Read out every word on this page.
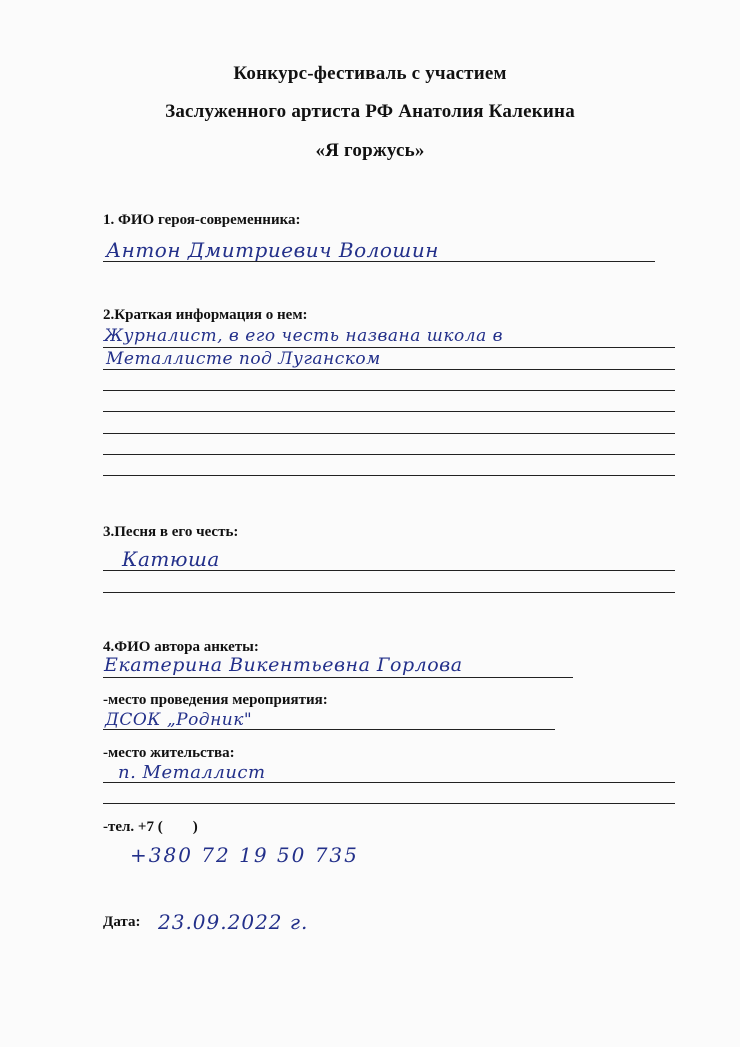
Конкурс-фестиваль с участием
Заслуженного артиста РФ Анатолия Калекина
«Я горжусь»
1. ФИО героя-современника:
Антон Дмитриевич Волошин
2.Краткая информация о нем:
Журналист, в его честь названа школа в
Металлисте под Луганском
3.Песня в его честь:
Катюша
4.ФИО автора анкеты:
Екатерина Викентьевна Горлова
-место проведения мероприятия:
ДСОК „Родник"
-место жительства:
п. Металлист
-тел. +7 (        )
+380 72 19 50 735
Дата: 23.09.2022 г.
